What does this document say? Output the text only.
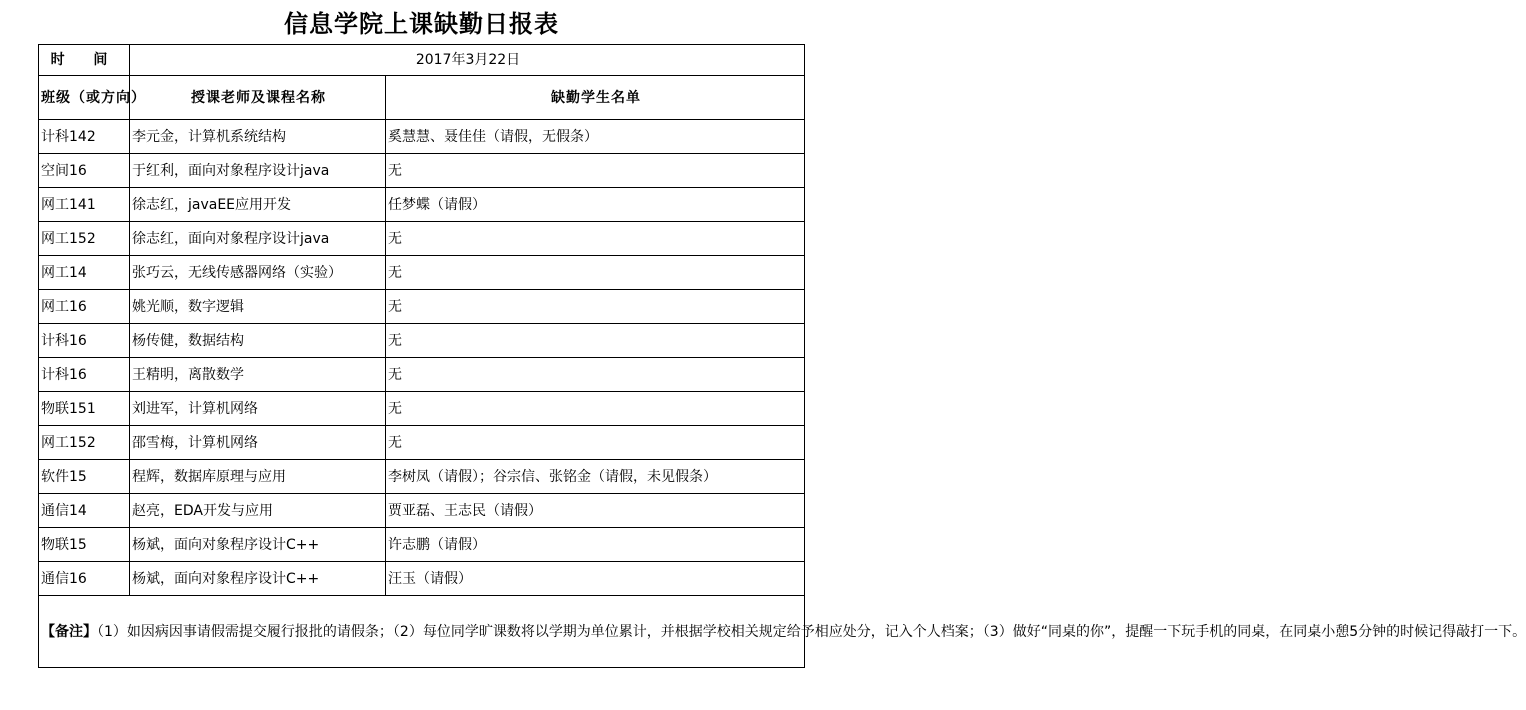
信息学院上课缺勤日报表
时 间	2017年3月22日	
班级（或方向）	授课老师及课程名称	缺勤学生名单
计科142	李元金，计算机系统结构	奚慧慧、聂佳佳（请假，无假条）
空间16	于红利，面向对象程序设计java	无
网工141	徐志红，javaEE应用开发	任梦蝶（请假）
网工152	徐志红，面向对象程序设计java	无
网工14	张巧云，无线传感器网络（实验）	无
网工16	姚光顺，数字逻辑	无
计科16	杨传健，数据结构	无
计科16	王精明，离散数学	无
物联151	刘进军，计算机网络	无
网工152	邵雪梅，计算机网络	无
软件15	程辉，数据库原理与应用	李树凤（请假）；谷宗信、张铭金（请假，未见假条）
通信14	赵亮，EDA开发与应用	贾亚磊、王志民（请假）
物联15	杨斌，面向对象程序设计C++	许志鹏（请假）
通信16	杨斌，面向对象程序设计C++	汪玉（请假）
【备注】（1）如因病因事请假需提交履行报批的请假条；（2）每位同学旷课数将以学期为单位累计，并根据学校相关规定给予相应处分，记入个人档案；（3）做好“同桌的你”，提醒一下玩手机的同桌，在同桌小憩5分钟的时候记得敲打一下。		
